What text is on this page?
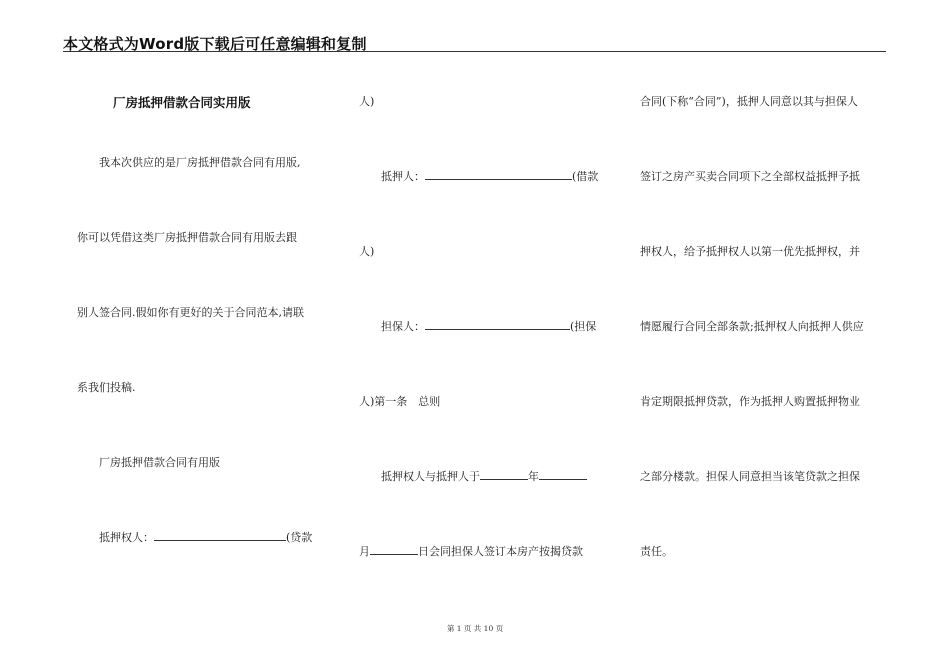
本文格式为Word版下载后可任意编辑和复制
厂房抵押借款合同实用版
我本次供应的是厂房抵押借款合同有用版,
你可以凭借这类厂房抵押借款合同有用版去跟
别人签合同.假如你有更好的关于合同范本,请联
系我们投稿.
厂房抵押借款合同有用版
抵押权人：	(贷款
人)
抵押人：	(借款
人)
担保人：	(担保
人)第一条　总则
抵押权人与抵押人于	年
月	日会同担保人签订本房产按揭贷款
合同(下称“合同”)，抵押人同意以其与担保人
签订之房产买卖合同项下之全部权益抵押予抵
押权人，给予抵押权人以第一优先抵押权，并
情愿履行合同全部条款;抵押权人向抵押人供应
肯定期限抵押贷款，作为抵押人购置抵押物业
之部分楼款。担保人同意担当该笔贷款之担保
责任。
第 1 页 共 10 页
